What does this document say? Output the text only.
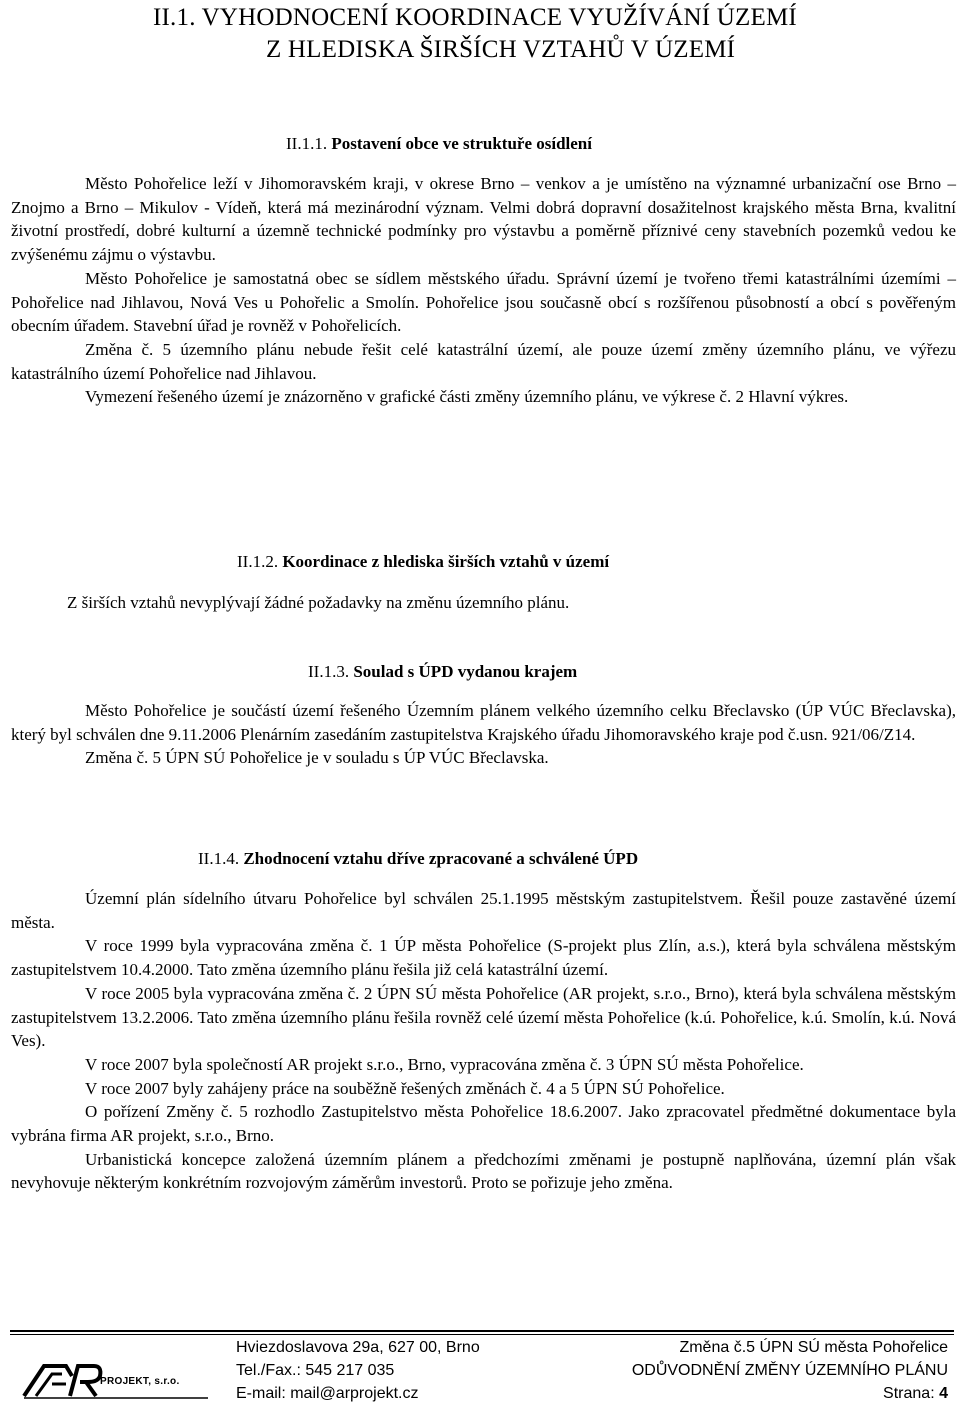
II.1. VYHODNOCENÍ KOORDINACE VYUŽÍVÁNÍ ÚZEMÍ
Z HLEDISKA ŠIRŠÍCH VZTAHŮ V ÚZEMÍ
II.1.1. Postavení obce ve struktuře osídlení

Město Pohořelice leží v Jihomoravském kraji, v okrese Brno – venkov a je umístěno na významné urbanizační ose Brno – Znojmo a Brno – Mikulov - Vídeň, která má mezinárodní význam. Velmi dobrá dopravní dosažitelnost krajského města Brna, kvalitní životní prostředí, dobré kulturní a územně technické podmínky pro výstavbu a poměrně příznivé ceny stavebních pozemků vedou ke zvýšenému zájmu o výstavbu.

Město Pohořelice je samostatná obec se sídlem městského úřadu. Správní území je tvořeno třemi katastrálními územími – Pohořelice nad Jihlavou, Nová Ves u Pohořelic a Smolín. Pohořelice jsou současně obcí s rozšířenou působností a obcí s pověřeným obecním úřadem. Stavební úřad je rovněž v Pohořelicích.

Změna č. 5 územního plánu nebude řešit celé katastrální území, ale pouze území změny územního plánu, ve výřezu katastrálního území Pohořelice nad Jihlavou.

Vymezení řešeného území je znázorněno v grafické části změny územního plánu, ve výkrese č. 2 Hlavní výkres.

II.1.2. Koordinace z hlediska širších vztahů v území

Z širších vztahů nevyplývají žádné požadavky na změnu územního plánu.

II.1.3. Soulad s ÚPD vydanou krajem

Město Pohořelice je součástí území řešeného Územním plánem velkého územního celku Břeclavsko (ÚP VÚC Břeclavska), který byl schválen dne 9.11.2006 Plenárním zasedáním zastupitelstva Krajského úřadu Jihomoravského kraje pod č.usn. 921/06/Z14.

Změna č. 5 ÚPN SÚ Pohořelice je v souladu s ÚP VÚC Břeclavska.

II.1.4. Zhodnocení vztahu dříve zpracované a schválené ÚPD

Územní plán sídelního útvaru Pohořelice byl schválen 25.1.1995 městským zastupitelstvem. Řešil pouze zastavěné území města.

V roce 1999 byla vypracována změna č. 1 ÚP města Pohořelice (S-projekt plus Zlín, a.s.), která byla schválena městským zastupitelstvem 10.4.2000. Tato změna územního plánu řešila již celá katastrální území.

V roce 2005 byla vypracována změna č. 2 ÚPN SÚ města Pohořelice (AR projekt, s.r.o., Brno), která byla schválena městským zastupitelstvem 13.2.2006. Tato změna územního plánu řešila rovněž celé území města Pohořelice (k.ú. Pohořelice, k.ú. Smolín, k.ú. Nová Ves).

V roce 2007 byla společností AR projekt s.r.o., Brno, vypracována změna č. 3 ÚPN SÚ města Pohořelice.

V roce 2007 byly zahájeny práce na souběžně řešených změnách č. 4 a 5 ÚPN SÚ Pohořelice.

O pořízení Změny č. 5 rozhodlo Zastupitelstvo města Pohořelice 18.6.2007. Jako zpracovatel předmětné dokumentace byla vybrána firma AR projekt, s.r.o., Brno.

Urbanistická koncepce založená územním plánem a předchozími změnami je postupně naplňována, územní plán však nevyhovuje některým konkrétním rozvojovým záměrům investorů. Proto se pořizuje jeho změna.

PROJEKT, s.r.o.
Hviezdoslavova 29a, 627 00, Brno
Tel./Fax.: 545 217 035
E-mail: mail@arprojekt.cz
Změna č.5 ÚPN SÚ města Pohořelice
ODŮVODNĚNÍ ZMĚNY ÚZEMNÍHO PLÁNU
Strana: 4
